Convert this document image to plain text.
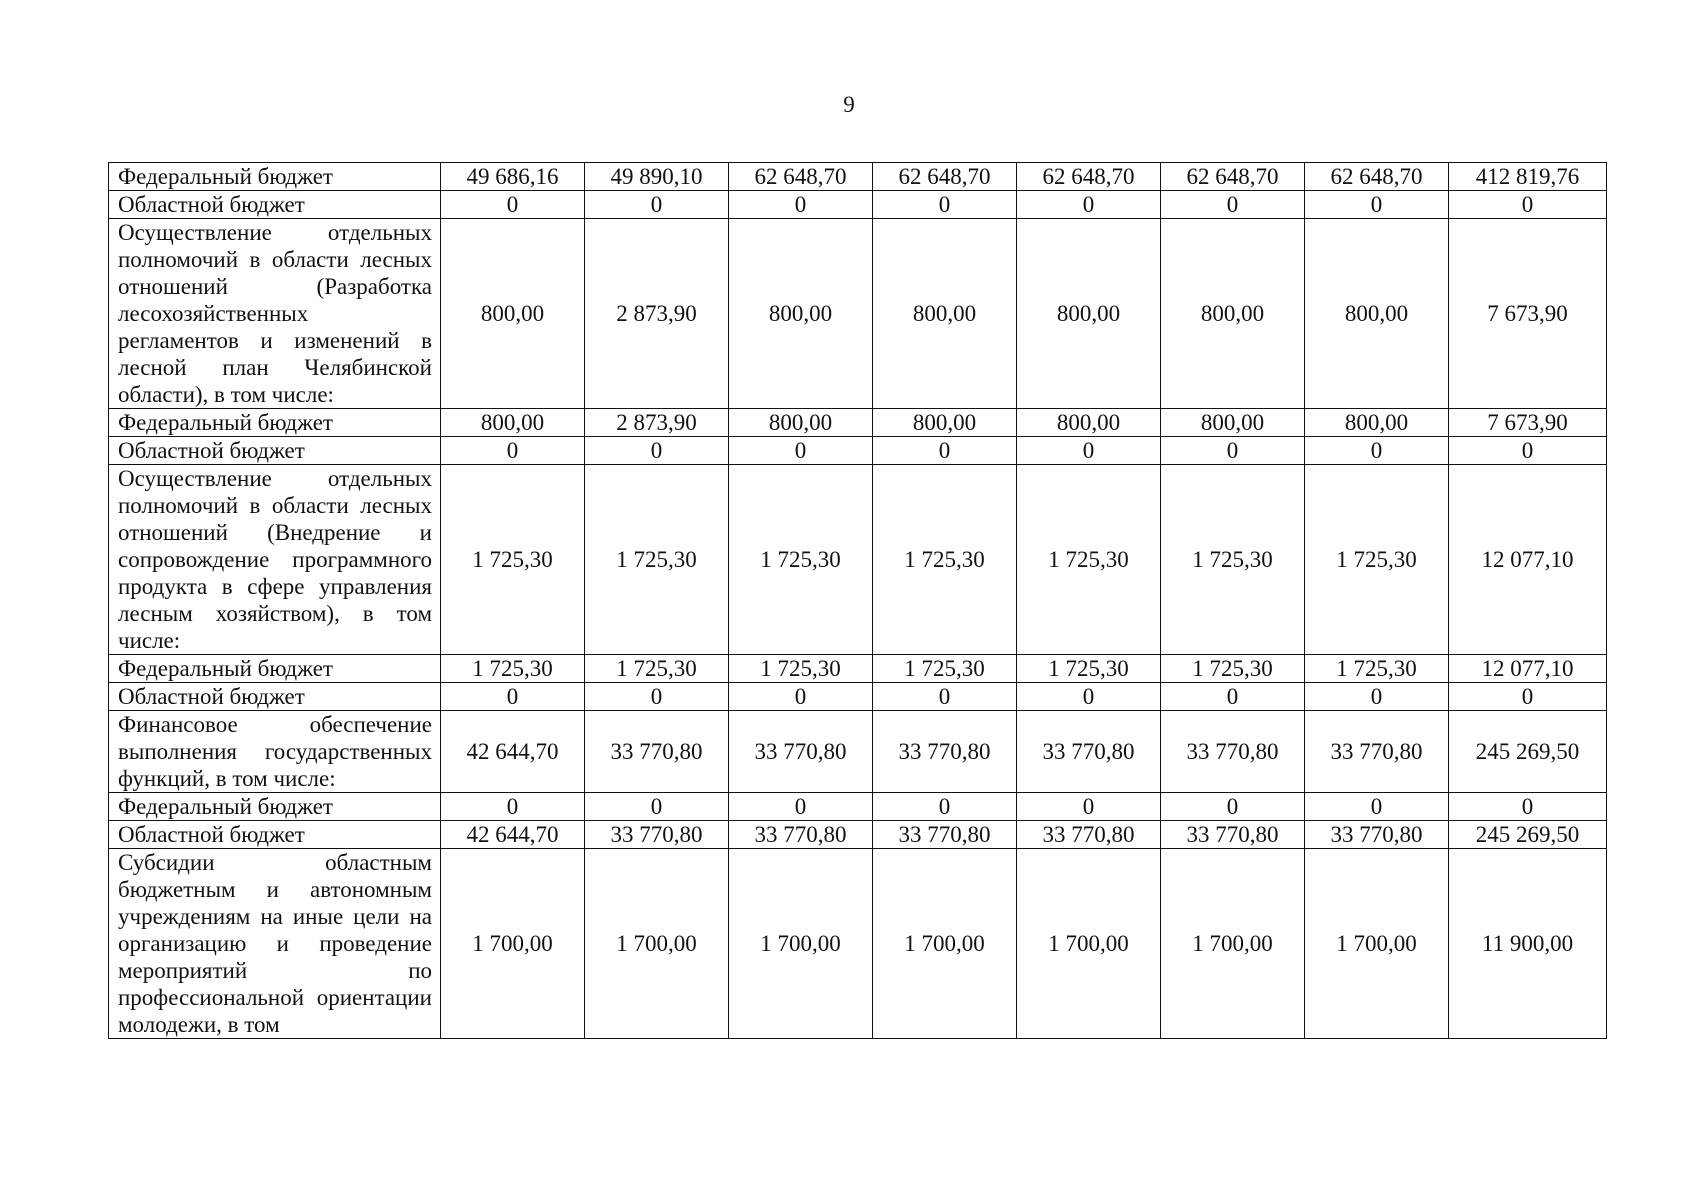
9
Федеральный бюджет	49 686,16	49 890,10	62 648,70	62 648,70	62 648,70	62 648,70	62 648,70	412 819,76
Областной бюджет	0	0	0	0	0	0	0	0
Осуществление отдельных полномочий в области лесных отношений (Разработка лесохозяйственных регламентов и изменений в лесной план Челябинской области), в том числе:	800,00	2 873,90	800,00	800,00	800,00	800,00	800,00	7 673,90
Федеральный бюджет	800,00	2 873,90	800,00	800,00	800,00	800,00	800,00	7 673,90
Областной бюджет	0	0	0	0	0	0	0	0
Осуществление отдельных полномочий в области лесных отношений (Внедрение и сопровождение программного продукта в сфере управления лесным хозяйством), в том числе:	1 725,30	1 725,30	1 725,30	1 725,30	1 725,30	1 725,30	1 725,30	12 077,10
Федеральный бюджет	1 725,30	1 725,30	1 725,30	1 725,30	1 725,30	1 725,30	1 725,30	12 077,10
Областной бюджет	0	0	0	0	0	0	0	0
Финансовое обеспечение выполнения государственных функций, в том числе:	42 644,70	33 770,80	33 770,80	33 770,80	33 770,80	33 770,80	33 770,80	245 269,50
Федеральный бюджет	0	0	0	0	0	0	0	0
Областной бюджет	42 644,70	33 770,80	33 770,80	33 770,80	33 770,80	33 770,80	33 770,80	245 269,50
Субсидии областным бюджетным и автономным учреждениям на иные цели на организацию и проведение мероприятий по профессиональной ориентации молодежи, в том	1 700,00	1 700,00	1 700,00	1 700,00	1 700,00	1 700,00	1 700,00	11 900,00
